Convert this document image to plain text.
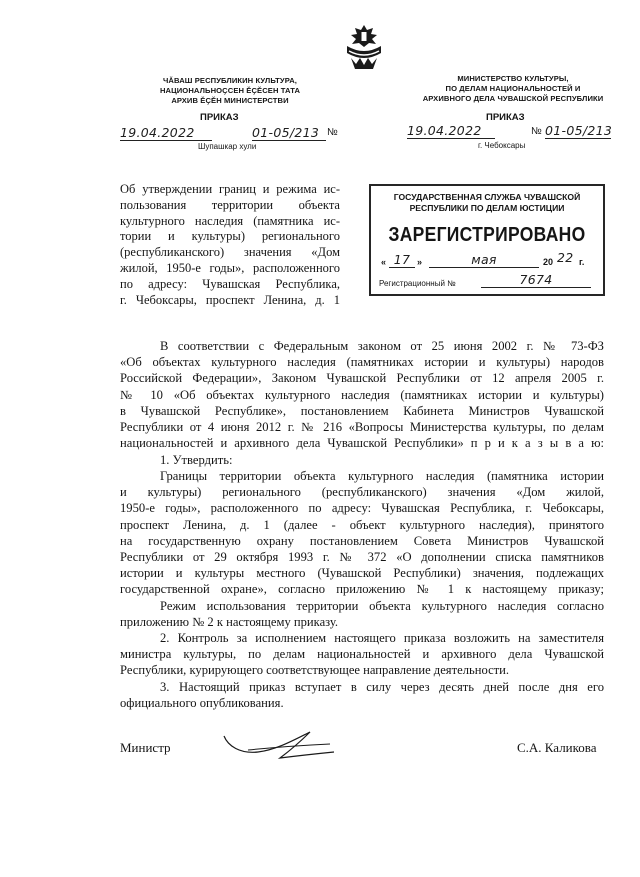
ЧӐВАШ РЕСПУБЛИКИН КУЛЬТУРА,
НАЦИОНАЛЬНОҪСЕН ӖҪӖСЕН ТАТА
АРХИВ ӖҪӖН МИНИСТЕРСТВИ
МИНИСТЕРСТВО КУЛЬТУРЫ,
ПО ДЕЛАМ НАЦИОНАЛЬНОСТЕЙ И
АРХИВНОГО ДЕЛА ЧУВАШСКОЙ РЕСПУБЛИКИ
ПРИКАЗ	ПРИКАЗ
19.04.2022	01-05/213 №
Шупашкар хули
19.04.2022	№ 01-05/213
г. Чебоксары
Об утверждении границ и режима ис-
пользования территории объекта
культурного наследия (памятника ис-
тории и культуры) регионального
(республиканского) значения «Дом
жилой, 1950-е годы», расположенного
по адресу: Чувашская Республика,
г. Чебоксары, проспект Ленина, д. 1
ГОСУДАРСТВЕННАЯ СЛУЖБА ЧУВАШСКОЙ
РЕСПУБЛИКИ ПО ДЕЛАМ ЮСТИЦИИ
ЗАРЕГИСТРИРОВАНО
« 17 »	мая	20 22 г.
Регистрационный №	7674
В соответствии с Федеральным законом от 25 июня 2002 г. № 73-ФЗ
«Об объектах культурного наследия (памятниках истории и культуры) народов
Российской Федерации», Законом Чувашской Республики от 12 апреля 2005 г.
№ 10 «Об объектах культурного наследия (памятниках истории и культуры)
в Чувашской Республике», постановлением Кабинета Министров Чувашской
Республики от 4 июня 2012 г. № 216 «Вопросы Министерства культуры, по делам
национальностей и архивного дела Чувашской Республики» п р и к а з ы в а ю:
1. Утвердить:
Границы территории объекта культурного наследия (памятника истории
и культуры) регионального (республиканского) значения «Дом жилой,
1950-е годы», расположенного по адресу: Чувашская Республика, г. Чебоксары,
проспект Ленина, д. 1 (далее - объект культурного наследия), принятого
на государственную охрану постановлением Совета Министров Чувашской
Республики от 29 октября 1993 г. № 372 «О дополнении списка памятников
истории и культуры местного (Чувашской Республики) значения, подлежащих
государственной охране», согласно приложению № 1 к настоящему приказу;
Режим использования территории объекта культурного наследия согласно
приложению № 2 к настоящему приказу.
2. Контроль за исполнением настоящего приказа возложить на заместителя
министра культуры, по делам национальностей и архивного дела Чувашской
Республики, курирующего соответствующее направление деятельности.
3. Настоящий приказ вступает в силу через десять дней после дня его
официального опубликования.
Министр	С.А. Каликова
